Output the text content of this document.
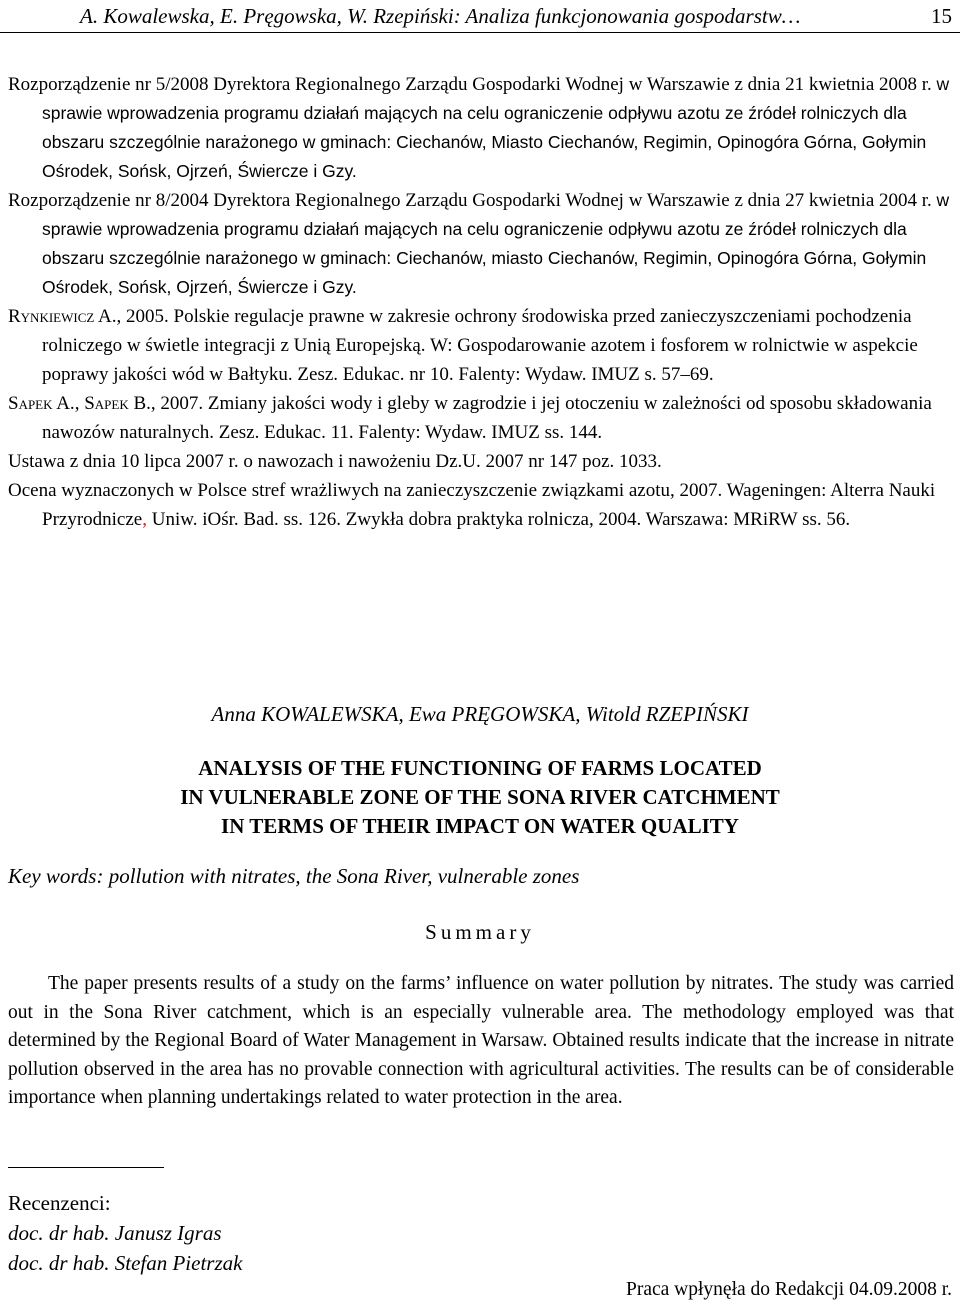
A. Kowalewska, E. Pręgowska, W. Rzepiński: Analiza funkcjonowania gospodarstw…	15
Rozporządzenie nr 5/2008 Dyrektora Regionalnego Zarządu Gospodarki Wodnej w Warszawie z dnia 21 kwietnia 2008 r. w sprawie wprowadzenia programu działań mających na celu ograniczenie odpływu azotu ze źródeł rolniczych dla obszaru szczególnie narażonego w gminach: Ciechanów, Miasto Ciechanów, Regimin, Opinogóra Górna, Gołymin Ośrodek, Sońsk, Ojrzeń, Świercze i Gzy.
Rozporządzenie nr 8/2004 Dyrektora Regionalnego Zarządu Gospodarki Wodnej w Warszawie z dnia 27 kwietnia 2004 r. w sprawie wprowadzenia programu działań mających na celu ograniczenie odpływu azotu ze źródeł rolniczych dla obszaru szczególnie narażonego w gminach: Ciechanów, miasto Ciechanów, Regimin, Opinogóra Górna, Gołymin Ośrodek, Sońsk, Ojrzeń, Świercze i Gzy.
Rynkiewicz A., 2005. Polskie regulacje prawne w zakresie ochrony środowiska przed zanieczyszczeniami pochodzenia rolniczego w świetle integracji z Unią Europejską. W: Gospodarowanie azotem i fosforem w rolnictwie w aspekcie poprawy jakości wód w Bałtyku. Zesz. Edukac. nr 10. Falenty: Wydaw. IMUZ s. 57–69.
Sapek A., Sapek B., 2007. Zmiany jakości wody i gleby w zagrodzie i jej otoczeniu w zależności od sposobu składowania nawozów naturalnych. Zesz. Edukac. 11. Falenty: Wydaw. IMUZ ss. 144.
Ustawa z dnia 10 lipca 2007 r. o nawozach i nawożeniu Dz.U. 2007 nr 147 poz. 1033.
Ocena wyznaczonych w Polsce stref wrażliwych na zanieczyszczenie związkami azotu, 2007. Wageningen: Alterra Nauki Przyrodnicze, Uniw. iOśr. Bad. ss. 126. Zwykła dobra praktyka rolnicza, 2004. Warszawa: MRiRW ss. 56.
Anna KOWALEWSKA, Ewa PRĘGOWSKA, Witold RZEPIŃSKI
ANALYSIS OF THE FUNCTIONING OF FARMS LOCATED
IN VULNERABLE ZONE OF THE SONA RIVER CATCHMENT
IN TERMS OF THEIR IMPACT ON WATER QUALITY
Key words: pollution with nitrates, the Sona River, vulnerable zones
Summary
The paper presents results of a study on the farms’ influence on water pollution by nitrates. The study was carried out in the Sona River catchment, which is an especially vulnerable area. The methodology employed was that determined by the Regional Board of Water Management in Warsaw. Obtained results indicate that the increase in nitrate pollution observed in the area has no provable connection with agricultural activities. The results can be of considerable importance when planning undertakings related to water protection in the area.
Recenzenci:
doc. dr hab. Janusz Igras
doc. dr hab. Stefan Pietrzak
Praca wpłynęła do Redakcji 04.09.2008 r.
